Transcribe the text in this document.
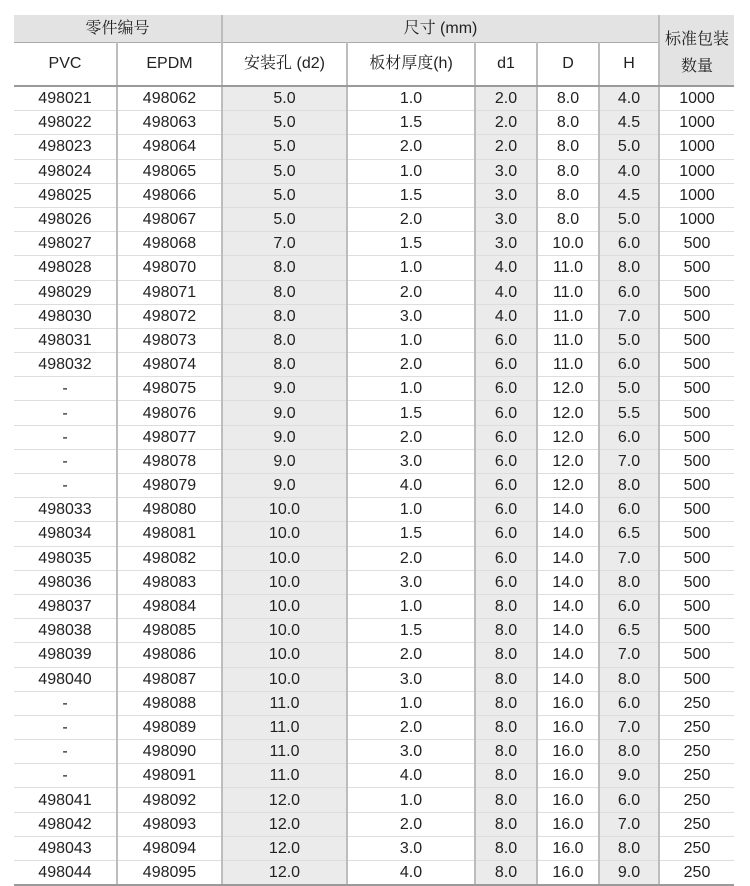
零件编号		尺寸 (mm)					标准包装数量
PVC	EPDM	安装孔 (d2)	板材厚度(h)	d1	D	H	
498021	498062	5.0	1.0	2.0	8.0	4.0	1000
498022	498063	5.0	1.5	2.0	8.0	4.5	1000
498023	498064	5.0	2.0	2.0	8.0	5.0	1000
498024	498065	5.0	1.0	3.0	8.0	4.0	1000
498025	498066	5.0	1.5	3.0	8.0	4.5	1000
498026	498067	5.0	2.0	3.0	8.0	5.0	1000
498027	498068	7.0	1.5	3.0	10.0	6.0	500
498028	498070	8.0	1.0	4.0	11.0	8.0	500
498029	498071	8.0	2.0	4.0	11.0	6.0	500
498030	498072	8.0	3.0	4.0	11.0	7.0	500
498031	498073	8.0	1.0	6.0	11.0	5.0	500
498032	498074	8.0	2.0	6.0	11.0	6.0	500
-	498075	9.0	1.0	6.0	12.0	5.0	500
-	498076	9.0	1.5	6.0	12.0	5.5	500
-	498077	9.0	2.0	6.0	12.0	6.0	500
-	498078	9.0	3.0	6.0	12.0	7.0	500
-	498079	9.0	4.0	6.0	12.0	8.0	500
498033	498080	10.0	1.0	6.0	14.0	6.0	500
498034	498081	10.0	1.5	6.0	14.0	6.5	500
498035	498082	10.0	2.0	6.0	14.0	7.0	500
498036	498083	10.0	3.0	6.0	14.0	8.0	500
498037	498084	10.0	1.0	8.0	14.0	6.0	500
498038	498085	10.0	1.5	8.0	14.0	6.5	500
498039	498086	10.0	2.0	8.0	14.0	7.0	500
498040	498087	10.0	3.0	8.0	14.0	8.0	500
-	498088	11.0	1.0	8.0	16.0	6.0	250
-	498089	11.0	2.0	8.0	16.0	7.0	250
-	498090	11.0	3.0	8.0	16.0	8.0	250
-	498091	11.0	4.0	8.0	16.0	9.0	250
498041	498092	12.0	1.0	8.0	16.0	6.0	250
498042	498093	12.0	2.0	8.0	16.0	7.0	250
498043	498094	12.0	3.0	8.0	16.0	8.0	250
498044	498095	12.0	4.0	8.0	16.0	9.0	250
